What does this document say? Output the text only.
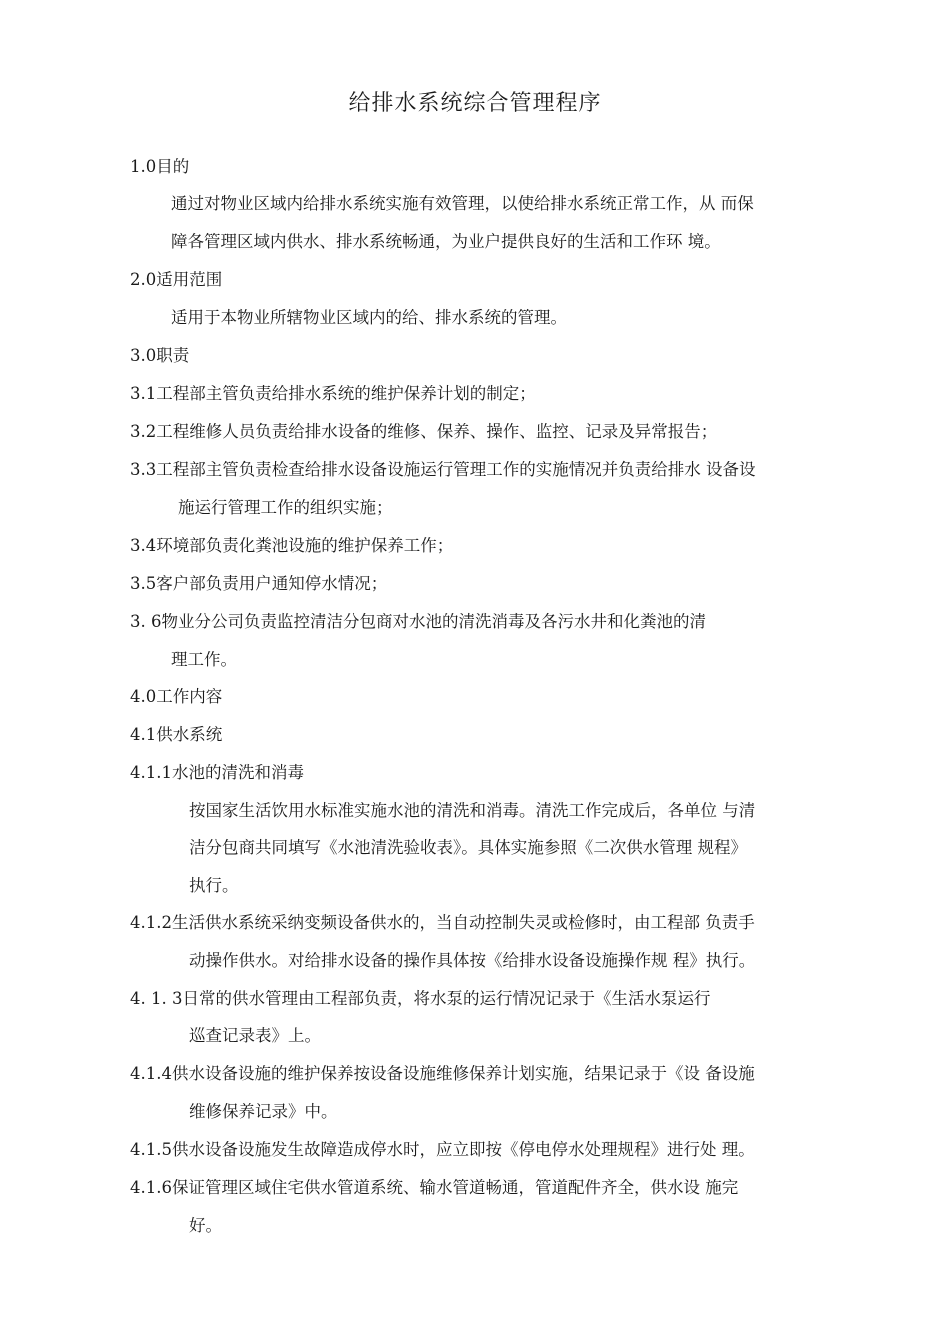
给排水系统综合管理程序
1.0目的
通过对物业区域内给排水系统实施有效管理，以使给排水系统正常工作，从 而保
障各管理区域内供水、排水系统畅通，为业户提供良好的生活和工作环 境。
2.0适用范围
适用于本物业所辖物业区域内的给、排水系统的管理。
3.0职责
3.1工程部主管负责给排水系统的维护保养计划的制定；
3.2工程维修人员负责给排水设备的维修、保养、操作、监控、记录及异常报告；
3.3工程部主管负责检查给排水设备设施运行管理工作的实施情况并负责给排水 设备设
施运行管理工作的组织实施；
3.4环境部负责化粪池设施的维护保养工作；
3.5客户部负责用户通知停水情况；
3. 6物业分公司负责监控清洁分包商对水池的清洗消毒及各污水井和化粪池的清
理工作。
4.0工作内容
4.1供水系统
4.1.1水池的清洗和消毒
按国家生活饮用水标准实施水池的清洗和消毒。清洗工作完成后，各单位 与清
洁分包商共同填写《水池清洗验收表》。具体实施参照《二次供水管理 规程》
执行。
4.1.2生活供水系统采纳变频设备供水的，当自动控制失灵或检修时，由工程部 负责手
动操作供水。对给排水设备的操作具体按《给排水设备设施操作规 程》执行。
4. 1. 3日常的供水管理由工程部负责，将水泵的运行情况记录于《生活水泵运行
巡查记录表》上。
4.1.4供水设备设施的维护保养按设备设施维修保养计划实施，结果记录于《设 备设施
维修保养记录》中。
4.1.5供水设备设施发生故障造成停水时，应立即按《停电停水处理规程》进行处 理。
4.1.6保证管理区域住宅供水管道系统、输水管道畅通，管道配件齐全，供水设 施完
好。
